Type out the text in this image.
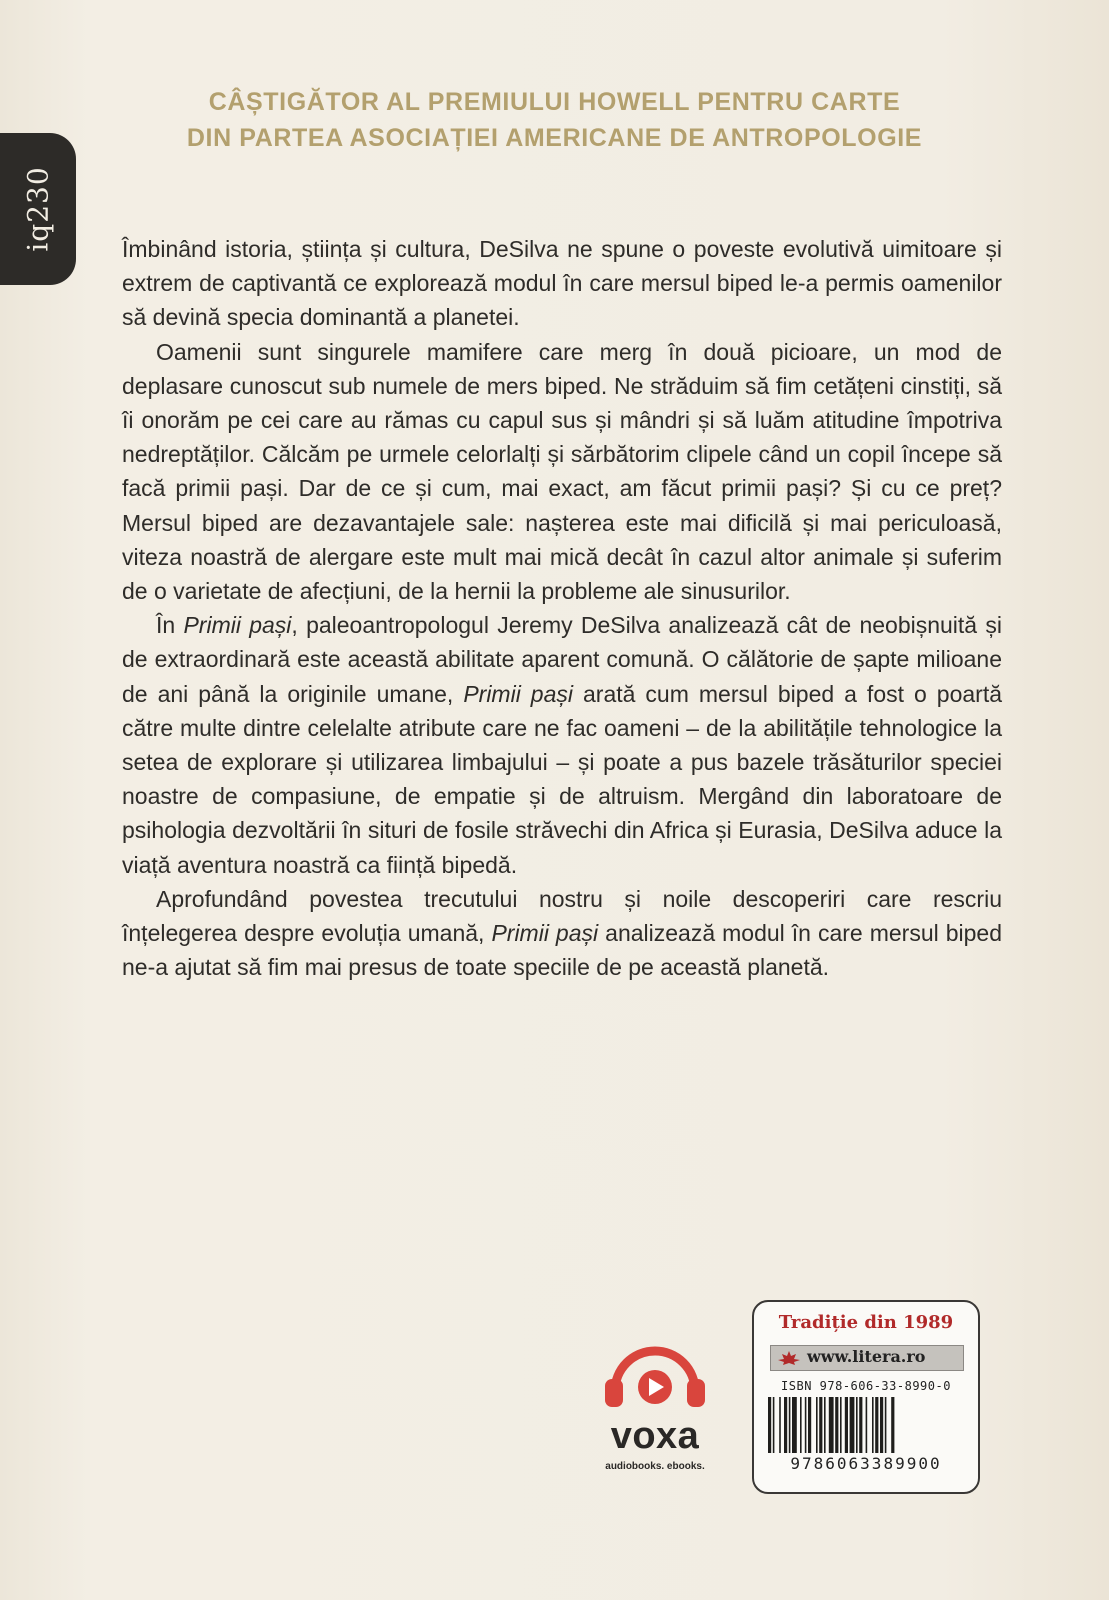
iq230
CÂȘTIGĂTOR AL PREMIULUI HOWELL PENTRU CARTE
DIN PARTEA ASOCIAȚIEI AMERICANE DE ANTROPOLOGIE

Îmbinând istoria, știința și cultura, DeSilva ne spune o poveste evolutivă uimitoare și extrem de captivantă ce explorează modul în care mersul biped le-a permis oamenilor să devină specia dominantă a planetei.

Oamenii sunt singurele mamifere care merg în două picioare, un mod de deplasare cunoscut sub numele de mers biped. Ne străduim să fim cetățeni cinstiți, să îi onorăm pe cei care au rămas cu capul sus și mândri și să luăm atitudine împotriva nedreptăților. Călcăm pe urmele celorlalți și sărbătorim clipele când un copil începe să facă primii pași. Dar de ce și cum, mai exact, am făcut primii pași? Și cu ce preț? Mersul biped are dezavantajele sale: nașterea este mai dificilă și mai periculoasă, viteza noastră de alergare este mult mai mică decât în cazul altor animale și suferim de o varietate de afecțiuni, de la hernii la probleme ale sinusurilor.

În Primii pași, paleoantropologul Jeremy DeSilva analizează cât de neobișnuită și de extraordinară este această abilitate aparent comună. O călătorie de șapte milioane de ani până la originile umane, Primii pași arată cum mersul biped a fost o poartă către multe dintre celelalte atribute care ne fac oameni – de la abilitățile tehnologice la setea de explorare și utilizarea limbajului – și poate a pus bazele trăsăturilor speciei noastre de compasiune, de empatie și de altruism. Mergând din laboratoare de psihologia dezvoltării în situri de fosile străvechi din Africa și Eurasia, DeSilva aduce la viață aventura noastră ca ființă bipedă.

Aprofundând povestea trecutului nostru și noile descoperiri care rescriu înțelegerea despre evoluția umană, Primii pași analizează modul în care mersul biped ne-a ajutat să fim mai presus de toate speciile de pe această planetă.

voxa
audiobooks. ebooks.
Tradiție din 1989
www.litera.ro
ISBN 978-606-33-8990-0
9786063389900
